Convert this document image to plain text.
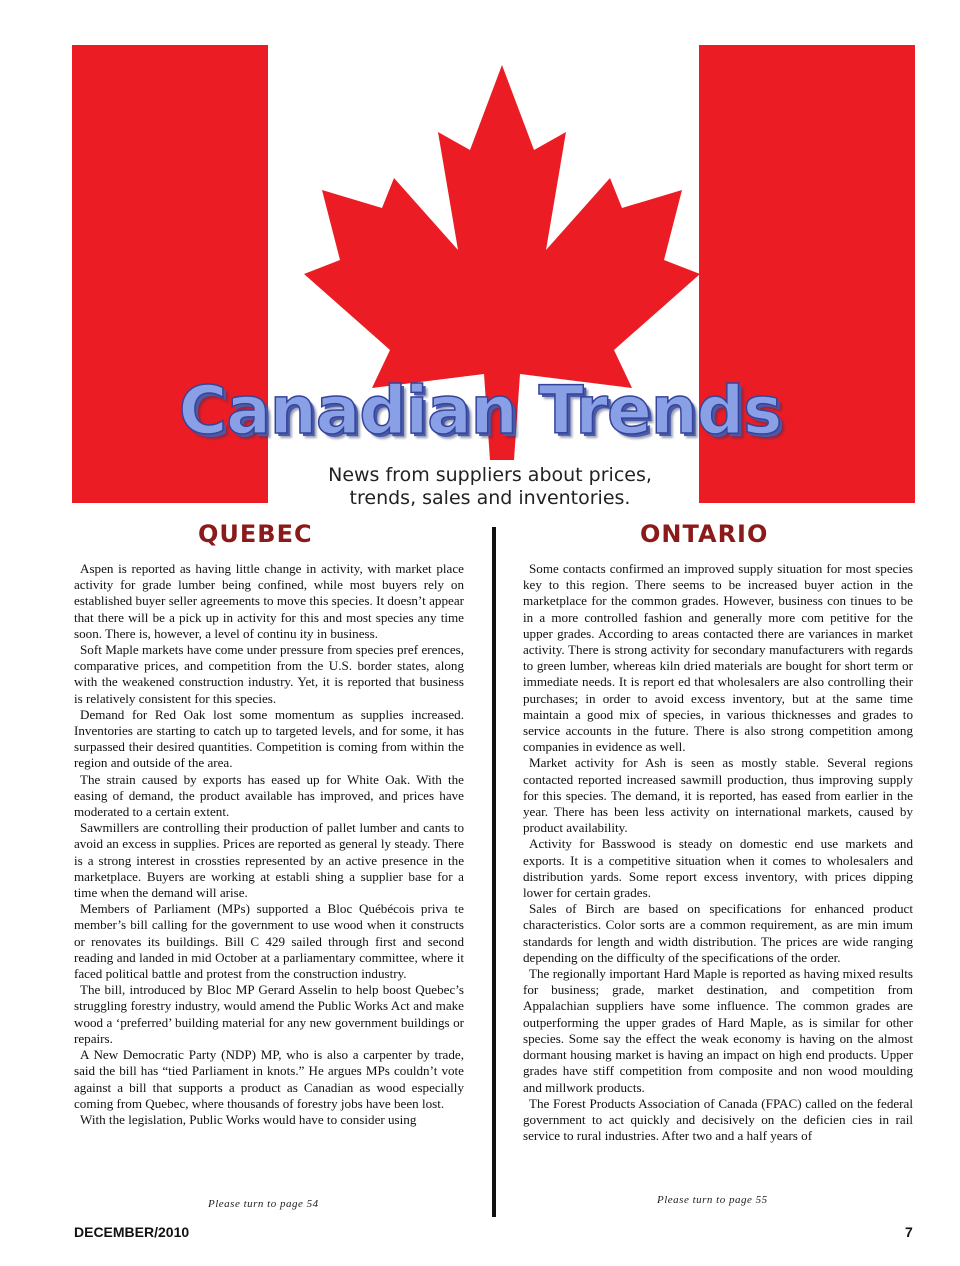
Canadian Trends
News from suppliers about prices,
trends, sales and inventories.
QUEBEC	ONTARIO

Aspen is reported as having little change in activity, with market place activity for grade lumber being confined, while most buyers rely on established buyer seller agreements to move this species. It doesn’t appear that there will be a pick up in activity for this and most species any time soon. There is, however, a level of continu ity in business.

Soft Maple markets have come under pressure from species pref erences, comparative prices, and competition from the U.S. border states, along with the weakened construction industry. Yet, it is reported that business is relatively consistent for this species.

Demand for Red Oak lost some momentum as supplies increased. Inventories are starting to catch up to targeted levels, and for some, it has surpassed their desired quantities. Competition is coming from within the region and outside of the area.

The strain caused by exports has eased up for White Oak. With the easing of demand, the product available has improved, and prices have moderated to a certain extent.

Sawmillers are controlling their production of pallet lumber and cants to avoid an excess in supplies. Prices are reported as general ly steady. There is a strong interest in crossties represented by an active presence in the marketplace. Buyers are working at establi shing a supplier base for a time when the demand will arise.

Members of Parliament (MPs) supported a Bloc Québécois priva te member’s bill calling for the government to use wood when it constructs or renovates its buildings. Bill C 429 sailed through first and second reading and landed in mid October at a parliamentary committee, where it faced political battle and protest from the construction industry.

The bill, introduced by Bloc MP Gerard Asselin to help boost Quebec’s struggling forestry industry, would amend the Public Works Act and make wood a ‘preferred’ building material for any new government buildings or repairs.

A New Democratic Party (NDP) MP, who is also a carpenter by trade, said the bill has “tied Parliament in knots.” He argues MPs couldn’t vote against a bill that supports a product as Canadian as wood especially coming from Quebec, where thousands of forestry jobs have been lost.

With the legislation, Public Works would have to consider using

Some contacts confirmed an improved supply situation for most species key to this region. There seems to be increased buyer action in the marketplace for the common grades. However, business con tinues to be in a more controlled fashion and generally more com petitive for the upper grades. According to areas contacted there are variances in market activity. There is strong activity for secondary manufacturers with regards to green lumber, whereas kiln dried materials are bought for short term or immediate needs. It is report ed that wholesalers are also controlling their purchases; in order to avoid excess inventory, but at the same time maintain a good mix of species, in various thicknesses and grades to service accounts in the future. There is also strong competition among companies in evidence as well.

Market activity for Ash is seen as mostly stable. Several regions contacted reported increased sawmill production, thus improving supply for this species. The demand, it is reported, has eased from earlier in the year. There has been less activity on international markets, caused by product availability.

Activity for Basswood is steady on domestic end use markets and exports. It is a competitive situation when it comes to wholesalers and distribution yards. Some report excess inventory, with prices dipping lower for certain grades.

Sales of Birch are based on specifications for enhanced product characteristics. Color sorts are a common requirement, as are min imum standards for length and width distribution. The prices are wide ranging depending on the difficulty of the specifications of the order.

The regionally important Hard Maple is reported as having mixed results for business; grade, market destination, and competition from Appalachian suppliers have some influence. The common grades are outperforming the upper grades of Hard Maple, as is similar for other species. Some say the effect the weak economy is having on the almost dormant housing market is having an impact on high end products. Upper grades have stiff competition from composite and non wood moulding and millwork products.

The Forest Products Association of Canada (FPAC) called on the federal government to act quickly and decisively on the deficien cies in rail service to rural industries. After two and a half years of

Please turn to page 54	Please turn to page 55
DECEMBER/2010	7
